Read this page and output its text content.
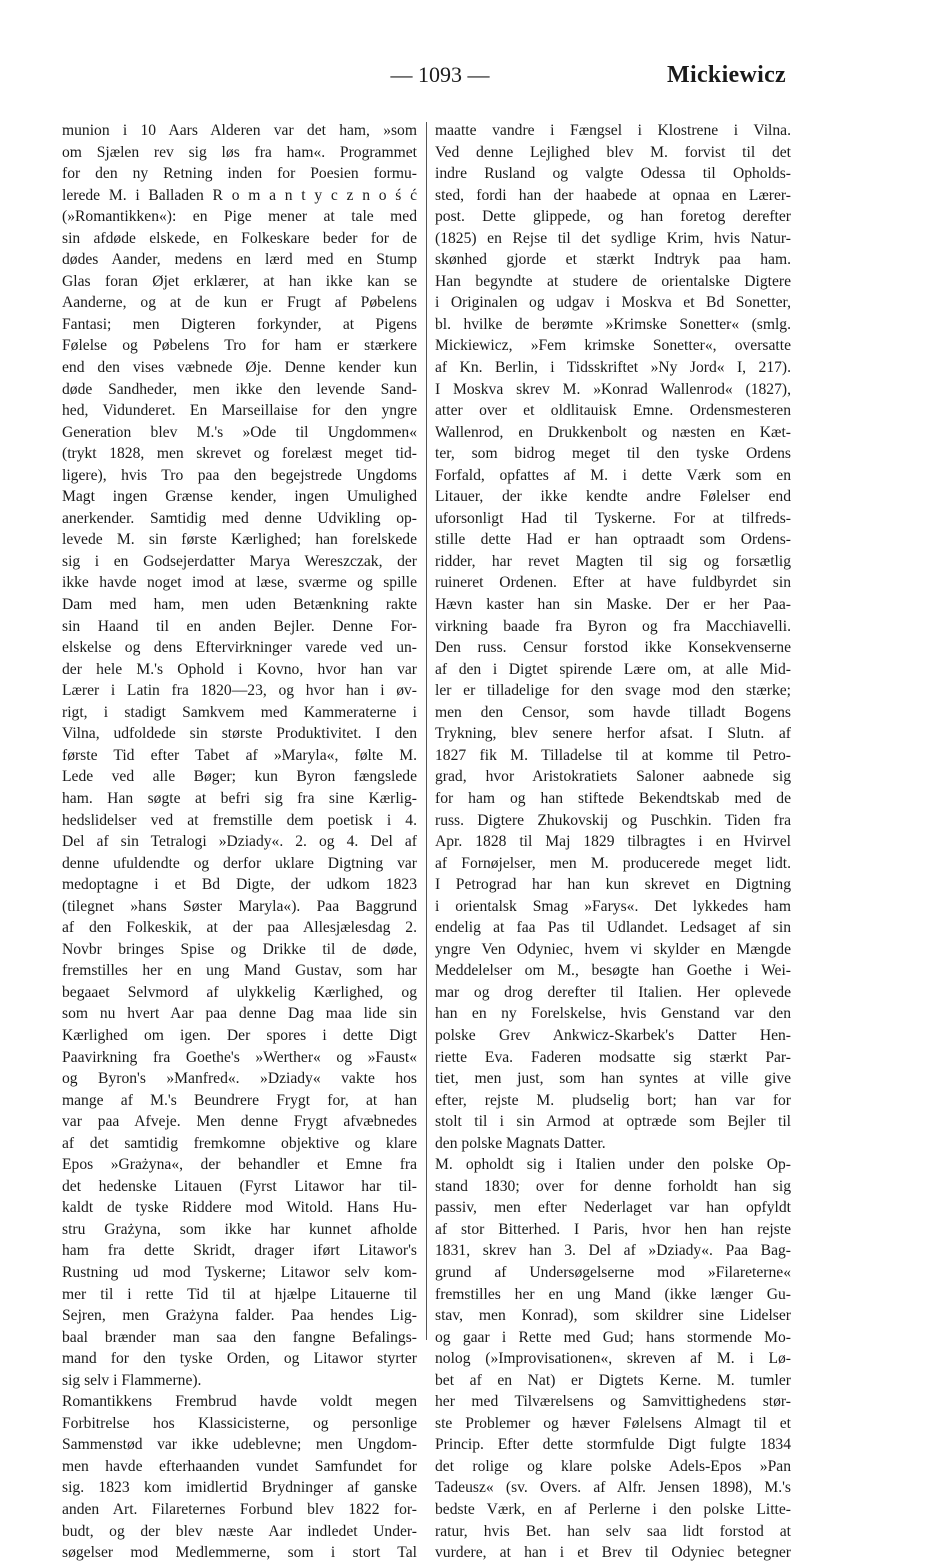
— 1093 —	Mickiewicz
munion i 10 Aars Alderen var det ham, »som
om Sjælen rev sig løs fra ham«. Programmet
for den ny Retning inden for Poesien formu-
lerede M. i Balladen R o m a n t y c z n o ś ć
(»Romantikken«): en Pige mener at tale med
sin afdøde elskede, en Folkeskare beder for de
dødes Aander, medens en lærd med en Stump
Glas foran Øjet erklærer, at han ikke kan se
Aanderne, og at de kun er Frugt af Pøbelens
Fantasi; men Digteren forkynder, at Pigens
Følelse og Pøbelens Tro for ham er stærkere
end den vises væbnede Øje. Denne kender kun
døde Sandheder, men ikke den levende Sand-
hed, Vidunderet. En Marseillaise for den yngre
Generation blev M.'s »Ode til Ungdommen«
(trykt 1828, men skrevet og forelæst meget tid-
ligere), hvis Tro paa den begejstrede Ungdoms
Magt ingen Grænse kender, ingen Umulighed
anerkender. Samtidig med denne Udvikling op-
levede M. sin første Kærlighed; han forelskede
sig i en Godsejerdatter Marya Wereszczak, der
ikke havde noget imod at læse, sværme og spille
Dam med ham, men uden Betænkning rakte
sin Haand til en anden Bejler. Denne For-
elskelse og dens Eftervirkninger varede ved un-
der hele M.'s Ophold i Kovno, hvor han var
Lærer i Latin fra 1820—23, og hvor han i øv-
rigt, i stadigt Samkvem med Kammeraterne i
Vilna, udfoldede sin største Produktivitet. I den
første Tid efter Tabet af »Maryla«, følte M.
Lede ved alle Bøger; kun Byron fængslede
ham. Han søgte at befri sig fra sine Kærlig-
hedslidelser ved at fremstille dem poetisk i 4.
Del af sin Tetralogi »Dziady«. 2. og 4. Del af
denne ufuldendte og derfor uklare Digtning var
medoptagne i et Bd Digte, der udkom 1823
(tilegnet »hans Søster Maryla«). Paa Baggrund
af den Folkeskik, at der paa Allesjælesdag 2.
Novbr bringes Spise og Drikke til de døde,
fremstilles her en ung Mand Gustav, som har
begaaet Selvmord af ulykkelig Kærlighed, og
som nu hvert Aar paa denne Dag maa lide sin
Kærlighed om igen. Der spores i dette Digt
Paavirkning fra Goethe's »Werther« og »Faust«
og Byron's »Manfred«. »Dziady« vakte hos
mange af M.'s Beundrere Frygt for, at han
var paa Afveje. Men denne Frygt afvæbnedes
af det samtidig fremkomne objektive og klare
Epos »Grażyna«, der behandler et Emne fra
det hedenske Litauen (Fyrst Litawor har til-
kaldt de tyske Riddere mod Witold. Hans Hu-
stru Grażyna, som ikke har kunnet afholde
ham fra dette Skridt, drager iført Litawor's
Rustning ud mod Tyskerne; Litawor selv kom-
mer til i rette Tid til at hjælpe Litauerne til
Sejren, men Grażyna falder. Paa hendes Lig-
baal brænder man saa den fangne Befalings-
mand for den tyske Orden, og Litawor styrter
sig selv i Flammerne).
Romantikkens Frembrud havde voldt megen
Forbitrelse hos Klassicisterne, og personlige
Sammenstød var ikke udeblevne; men Ungdom-
men havde efterhaanden vundet Samfundet for
sig. 1823 kom imidlertid Brydninger af ganske
anden Art. Filareternes Forbund blev 1822 for-
budt, og der blev næste Aar indledet Under-
søgelser mod Medlemmerne, som i stort Tal
maatte vandre i Fængsel i Klostrene i Vilna.
Ved denne Lejlighed blev M. forvist til det
indre Rusland og valgte Odessa til Opholds-
sted, fordi han der haabede at opnaa en Lærer-
post. Dette glippede, og han foretog derefter
(1825) en Rejse til det sydlige Krim, hvis Natur-
skønhed gjorde et stærkt Indtryk paa ham.
Han begyndte at studere de orientalske Digtere
i Originalen og udgav i Moskva et Bd Sonetter,
bl. hvilke de berømte »Krimske Sonetter« (smlg.
Mickiewicz, »Fem krimske Sonetter«, oversatte
af Kn. Berlin, i Tidsskriftet »Ny Jord« I, 217).
I Moskva skrev M. »Konrad Wallenrod« (1827),
atter over et oldlitauisk Emne. Ordensmesteren
Wallenrod, en Drukkenbolt og næsten en Kæt-
ter, som bidrog meget til den tyske Ordens
Forfald, opfattes af M. i dette Værk som en
Litauer, der ikke kendte andre Følelser end
uforsonligt Had til Tyskerne. For at tilfreds-
stille dette Had er han optraadt som Ordens-
ridder, har revet Magten til sig og forsætlig
ruineret Ordenen. Efter at have fuldbyrdet sin
Hævn kaster han sin Maske. Der er her Paa-
virkning baade fra Byron og fra Macchiavelli.
Den russ. Censur forstod ikke Konsekvenserne
af den i Digtet spirende Lære om, at alle Mid-
ler er tilladelige for den svage mod den stærke;
men den Censor, som havde tilladt Bogens
Trykning, blev senere herfor afsat. I Slutn. af
1827 fik M. Tilladelse til at komme til Petro-
grad, hvor Aristokratiets Saloner aabnede sig
for ham og han stiftede Bekendtskab med de
russ. Digtere Zhukovskij og Puschkin. Tiden fra
Apr. 1828 til Maj 1829 tilbragtes i en Hvirvel
af Fornøjelser, men M. producerede meget lidt.
I Petrograd har han kun skrevet en Digtning
i orientalsk Smag »Farys«. Det lykkedes ham
endelig at faa Pas til Udlandet. Ledsaget af sin
yngre Ven Odyniec, hvem vi skylder en Mængde
Meddelelser om M., besøgte han Goethe i Wei-
mar og drog derefter til Italien. Her oplevede
han en ny Forelskelse, hvis Genstand var den
polske Grev Ankwicz-Skarbek's Datter Hen-
riette Eva. Faderen modsatte sig stærkt Par-
tiet, men just, som han syntes at ville give
efter, rejste M. pludselig bort; han var for
stolt til i sin Armod at optræde som Bejler til
den polske Magnats Datter.
M. opholdt sig i Italien under den polske Op-
stand 1830; over for denne forholdt han sig
passiv, men efter Nederlaget var han opfyldt
af stor Bitterhed. I Paris, hvor hen han rejste
1831, skrev han 3. Del af »Dziady«. Paa Bag-
grund af Undersøgelserne mod »Filareterne«
fremstilles her en ung Mand (ikke længer Gu-
stav, men Konrad), som skildrer sine Lidelser
og gaar i Rette med Gud; hans stormende Mo-
nolog (»Improvisationen«, skreven af M. i Lø-
bet af en Nat) er Digtets Kerne. M. tumler
her med Tilværelsens og Samvittighedens stør-
ste Problemer og hæver Følelsens Almagt til et
Princip. Efter dette stormfulde Digt fulgte 1834
det rolige og klare polske Adels-Epos »Pan
Tadeusz« (sv. Overs. af Alfr. Jensen 1898), M.'s
bedste Værk, en af Perlerne i den polske Litte-
ratur, hvis Bet. han selv saa lidt forstod at
vurdere, at han i et Brev til Odyniec betegner
